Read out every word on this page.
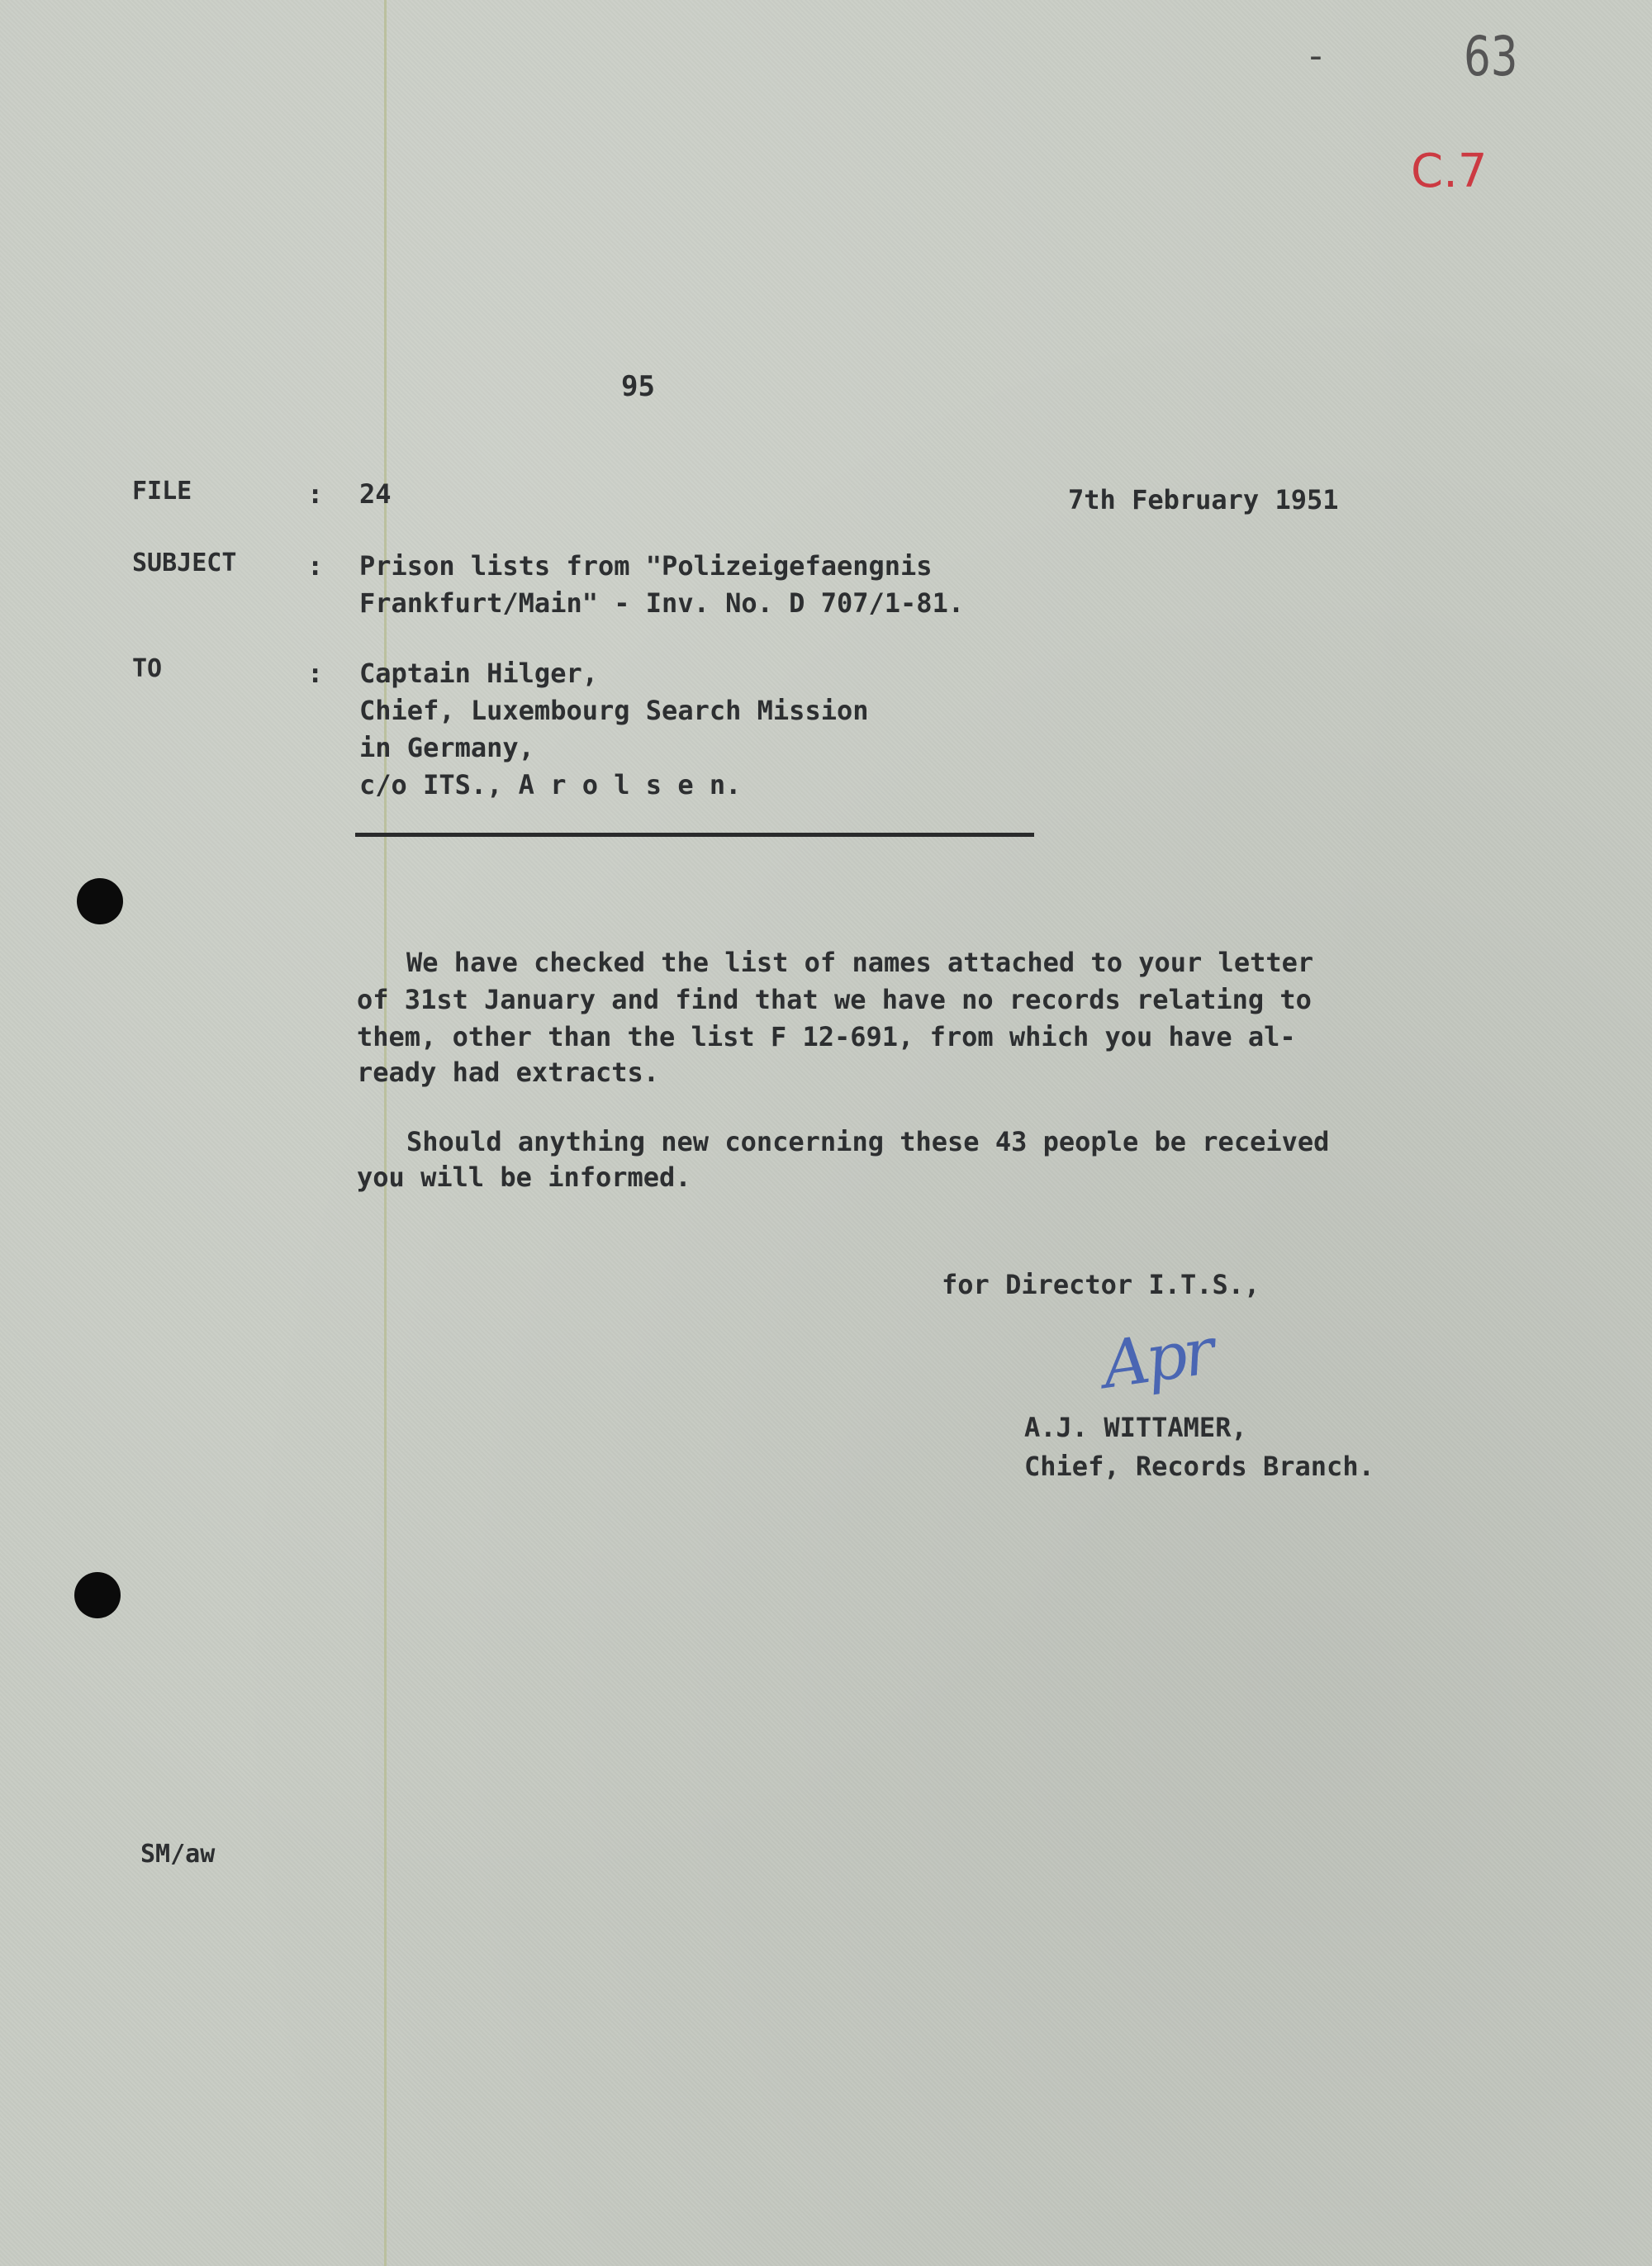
-	63
C.7
95
FILE	: 24	7th February 1951
SUBJECT	: Prison lists from "Polizeigefaengnis
Frankfurt/Main" - Inv. No. D 707/1-81.
TO	: Captain Hilger,
Chief, Luxembourg Search Mission
in Germany,
c/o ITS., A r o l s e n.
We have checked the list of names attached to your letter
of 31st January and find that we have no records relating to
them, other than the list F 12-691, from which you have al-
ready had extracts.
Should anything new concerning these 43 people be received
you will be informed.
for Director I.T.S.,
Apr
A.J. WITTAMER,
Chief, Records Branch.
SM/aw
